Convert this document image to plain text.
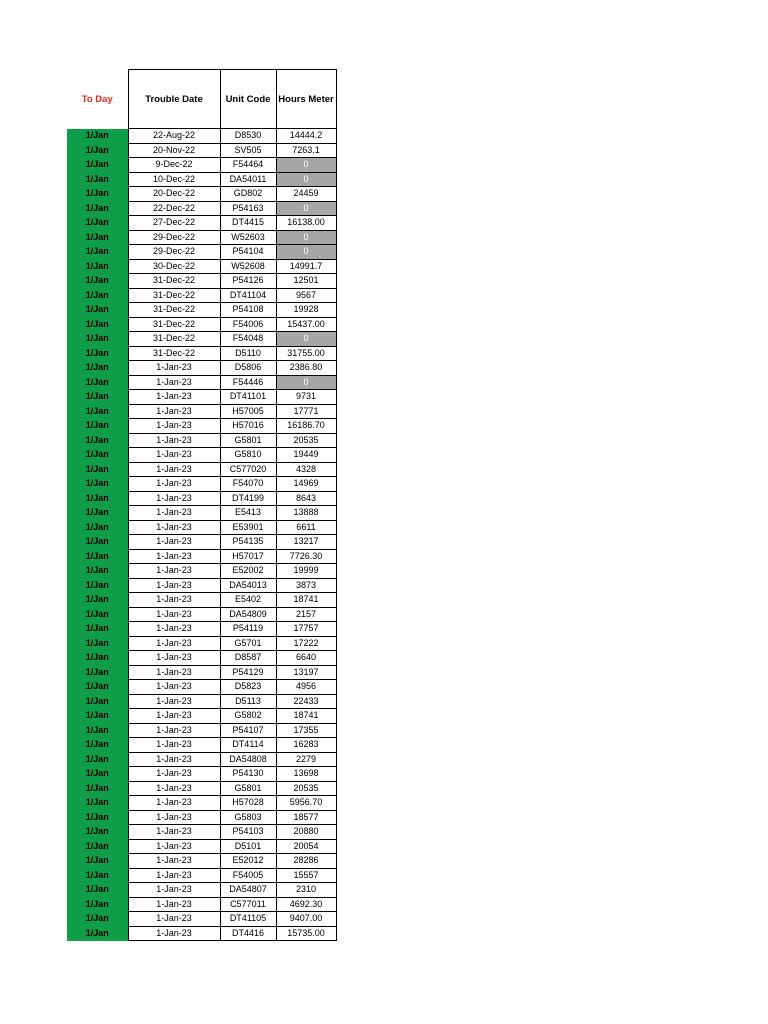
To Day	Trouble Date	Unit Code	Hours Meter
1/Jan	22-Aug-22	D8530	14444.2
1/Jan	20-Nov-22	SV505	7263.1
1/Jan	9-Dec-22	F54464	0
1/Jan	10-Dec-22	DA54011	0
1/Jan	20-Dec-22	GD802	24459
1/Jan	22-Dec-22	P54163	0
1/Jan	27-Dec-22	DT4415	16138.00
1/Jan	29-Dec-22	W52603	0
1/Jan	29-Dec-22	P54104	0
1/Jan	30-Dec-22	W52608	14991.7
1/Jan	31-Dec-22	P54126	12501
1/Jan	31-Dec-22	DT41104	9567
1/Jan	31-Dec-22	P54108	19928
1/Jan	31-Dec-22	F54006	15437.00
1/Jan	31-Dec-22	F54048	0
1/Jan	31-Dec-22	D5110	31755.00
1/Jan	1-Jan-23	D5806	2386.80
1/Jan	1-Jan-23	F54446	0
1/Jan	1-Jan-23	DT41101	9731
1/Jan	1-Jan-23	H57005	17771
1/Jan	1-Jan-23	H57016	16186.70
1/Jan	1-Jan-23	G5801	20535
1/Jan	1-Jan-23	G5810	19449
1/Jan	1-Jan-23	C577020	4328
1/Jan	1-Jan-23	F54070	14969
1/Jan	1-Jan-23	DT4199	8643
1/Jan	1-Jan-23	E5413	13888
1/Jan	1-Jan-23	E53901	6611
1/Jan	1-Jan-23	P54135	13217
1/Jan	1-Jan-23	H57017	7726.30
1/Jan	1-Jan-23	E52002	19999
1/Jan	1-Jan-23	DA54013	3873
1/Jan	1-Jan-23	E5402	18741
1/Jan	1-Jan-23	DA54809	2157
1/Jan	1-Jan-23	P54119	17757
1/Jan	1-Jan-23	G5701	17222
1/Jan	1-Jan-23	D8587	6640
1/Jan	1-Jan-23	P54129	13197
1/Jan	1-Jan-23	D5823	4956
1/Jan	1-Jan-23	D5113	22433
1/Jan	1-Jan-23	G5802	18741
1/Jan	1-Jan-23	P54107	17355
1/Jan	1-Jan-23	DT4114	16283
1/Jan	1-Jan-23	DA54808	2279
1/Jan	1-Jan-23	P54130	13698
1/Jan	1-Jan-23	G5801	20535
1/Jan	1-Jan-23	H57028	5956.70
1/Jan	1-Jan-23	G5803	18577
1/Jan	1-Jan-23	P54103	20880
1/Jan	1-Jan-23	D5101	20054
1/Jan	1-Jan-23	E52012	28286
1/Jan	1-Jan-23	F54005	15557
1/Jan	1-Jan-23	DA54807	2310
1/Jan	1-Jan-23	C577011	4692.30
1/Jan	1-Jan-23	DT41105	9407.00
1/Jan	1-Jan-23	DT4416	15735.00
